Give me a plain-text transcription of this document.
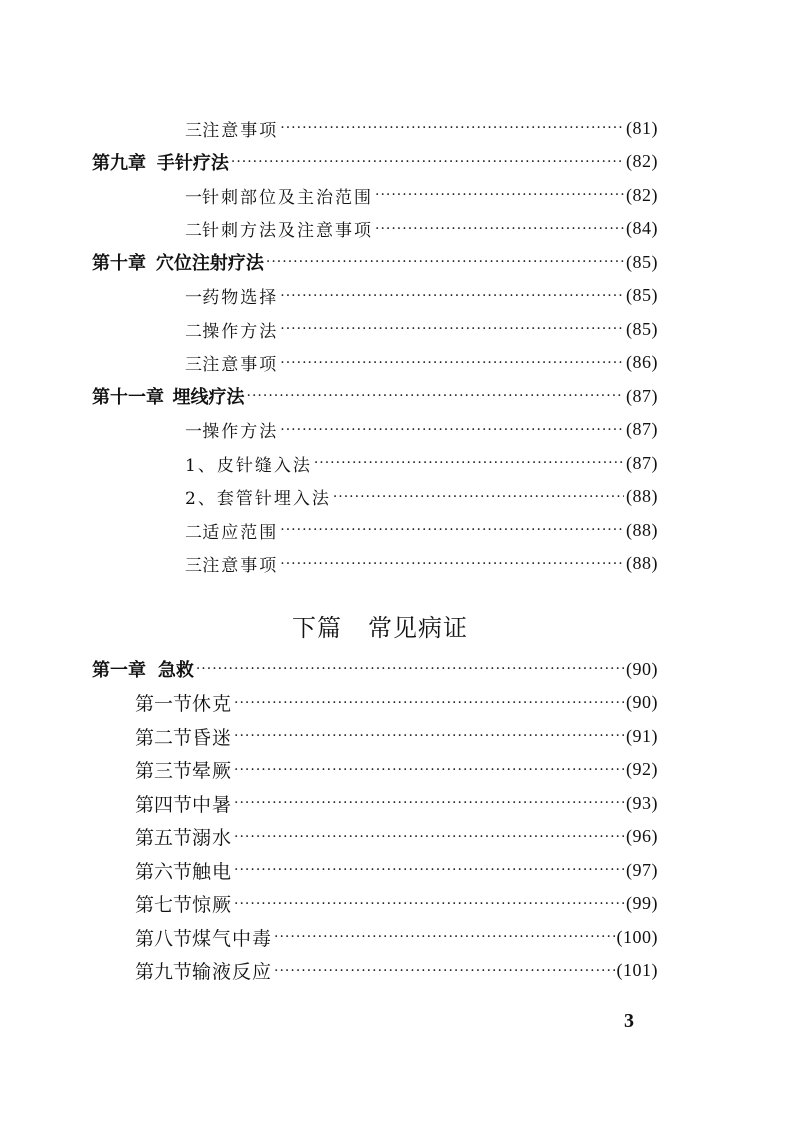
三 注意事项 ·····	(81)
第九章 手针疗法 ·····	(82)
一 针刺部位及主治范围 ·····	(82)
二 针刺方法及注意事项 ·····	(84)
第十章 穴位注射疗法 ·····	(85)
一 药物选择 ·····	(85)
二 操作方法 ·····	(85)
三 注意事项 ·····	(86)
第十一章 埋线疗法 ·····	(87)
一 操作方法 ·····	(87)
1、皮针缝入法 ·····	(87)
2、套管针埋入法 ·····	(88)
二 适应范围 ·····	(88)
三 注意事项 ·····	(88)
第一章 急救 ·····	(90)
第一节 休克 ·····	(90)
第二节 昏迷 ·····	(91)
第三节 晕厥 ·····	(92)
第四节 中暑 ·····	(93)
第五节 溺水 ·····	(96)
第六节 触电 ·····	(97)
第七节 惊厥 ·····	(99)
第八节 煤气中毒 ·····	(100)
第九节 输液反应 ·····	(101)
下篇 常见病证
3
